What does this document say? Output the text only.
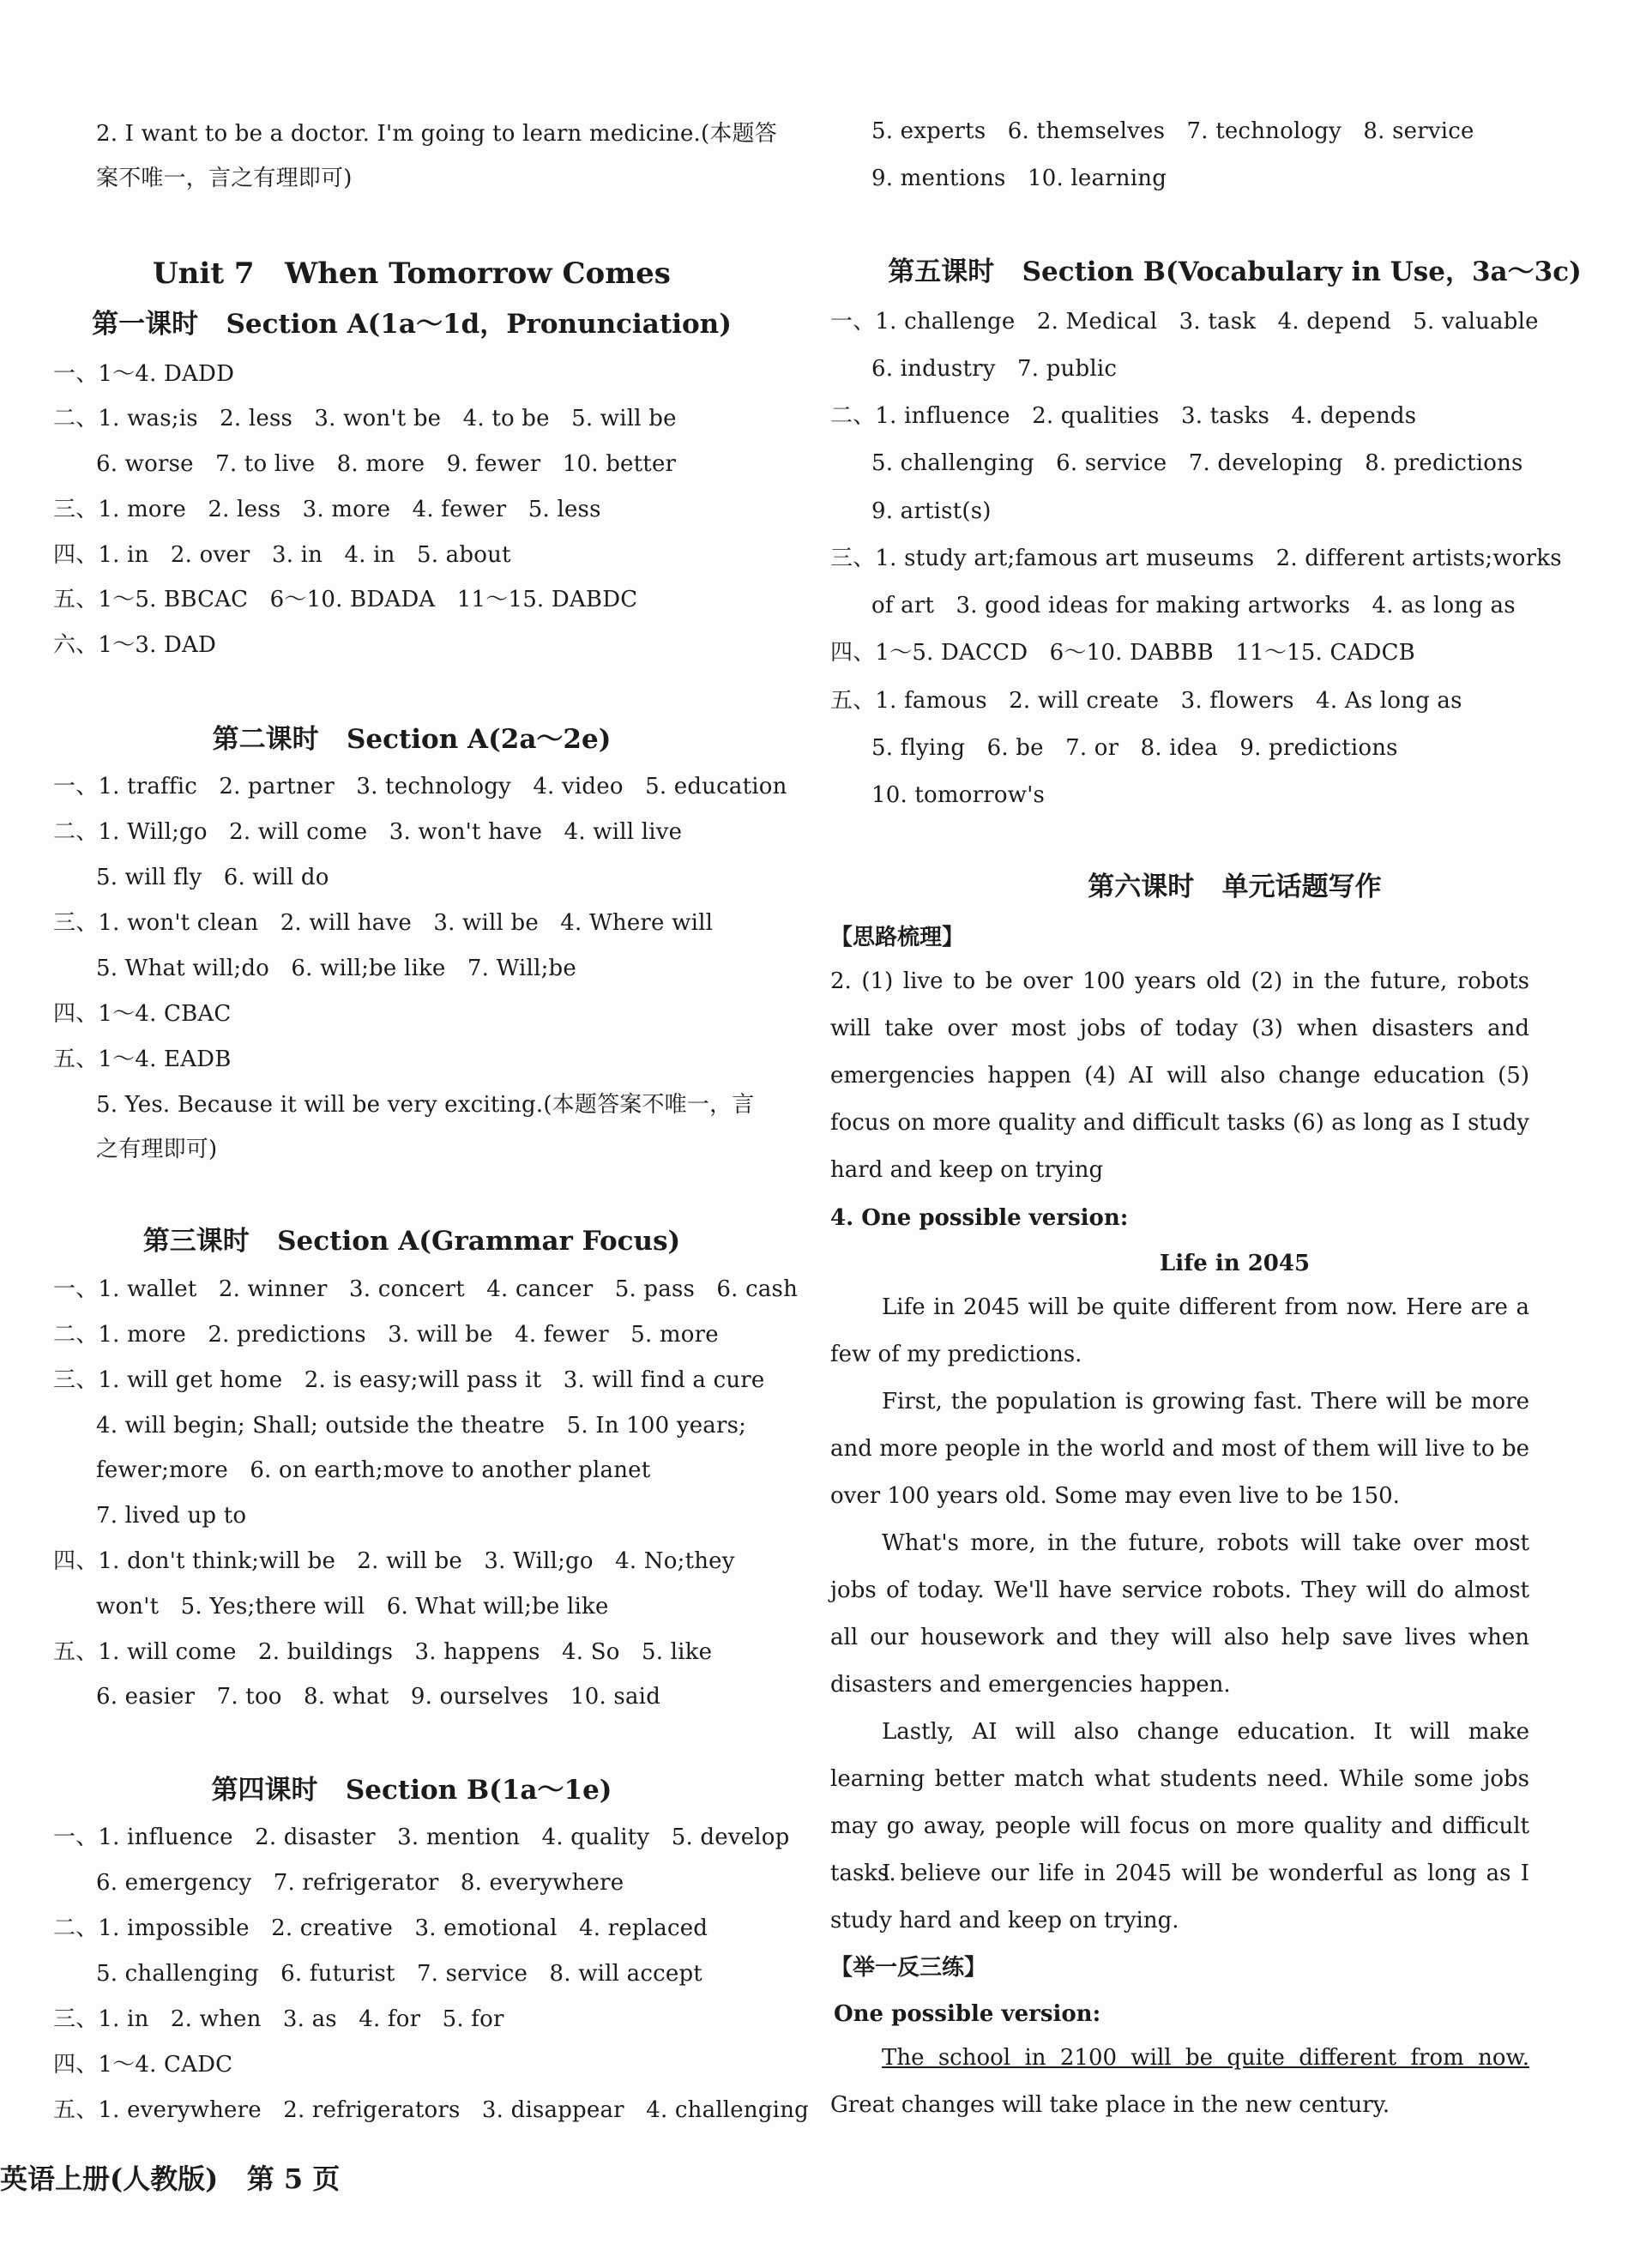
2. I want to be a doctor. I'm going to learn medicine.(本题答
案不唯一，言之有理即可)
Unit 7   When Tomorrow Comes
第一课时   Section A(1a～1d，Pronunciation)
一、1～4. DADD
二、1. was;is   2. less   3. won't be   4. to be   5. will be
6. worse   7. to live   8. more   9. fewer   10. better
三、1. more   2. less   3. more   4. fewer   5. less
四、1. in   2. over   3. in   4. in   5. about
五、1～5. BBCAC   6～10. BDADA   11～15. DABDC
六、1～3. DAD
第二课时   Section A(2a～2e)
一、1. traffic   2. partner   3. technology   4. video   5. education
二、1. Will;go   2. will come   3. won't have   4. will live
5. will fly   6. will do
三、1. won't clean   2. will have   3. will be   4. Where will
5. What will;do   6. will;be like   7. Will;be
四、1～4. CBAC
五、1～4. EADB
5. Yes. Because it will be very exciting.(本题答案不唯一，言
之有理即可)
第三课时   Section A(Grammar Focus)
一、1. wallet   2. winner   3. concert   4. cancer   5. pass   6. cash
二、1. more   2. predictions   3. will be   4. fewer   5. more
三、1. will get home   2. is easy;will pass it   3. will find a cure
4. will begin; Shall; outside the theatre   5. In 100 years;
fewer;more   6. on earth;move to another planet
7. lived up to
四、1. don't think;will be   2. will be   3. Will;go   4. No;they
won't   5. Yes;there will   6. What will;be like
五、1. will come   2. buildings   3. happens   4. So   5. like
6. easier   7. too   8. what   9. ourselves   10. said
第四课时   Section B(1a～1e)
一、1. influence   2. disaster   3. mention   4. quality   5. develop
6. emergency   7. refrigerator   8. everywhere
二、1. impossible   2. creative   3. emotional   4. replaced
5. challenging   6. futurist   7. service   8. will accept
三、1. in   2. when   3. as   4. for   5. for
四、1～4. CADC
五、1. everywhere   2. refrigerators   3. disappear   4. challenging
5. experts   6. themselves   7. technology   8. service
9. mentions   10. learning
第五课时   Section B(Vocabulary in Use，3a～3c)
一、1. challenge   2. Medical   3. task   4. depend   5. valuable
6. industry   7. public
二、1. influence   2. qualities   3. tasks   4. depends
5. challenging   6. service   7. developing   8. predictions
9. artist(s)
三、1. study art;famous art museums   2. different artists;works
of art   3. good ideas for making artworks   4. as long as
四、1～5. DACCD   6～10. DABBB   11～15. CADCB
五、1. famous   2. will create   3. flowers   4. As long as
5. flying   6. be   7. or   8. idea   9. predictions
10. tomorrow's
第六课时   单元话题写作
【思路梳理】
2. (1) live to be over 100 years old (2) in the future, robots will take over most jobs of today (3) when disasters and emergencies happen (4) AI will also change education (5) focus on more quality and difficult tasks (6) as long as I study hard and keep on trying
4. One possible version:
Life in 2045
Life in 2045 will be quite different from now. Here are a few of my predictions.
First, the population is growing fast. There will be more and more people in the world and most of them will live to be over 100 years old. Some may even live to be 150.
What's more, in the future, robots will take over most jobs of today. We'll have service robots. They will do almost all our housework and they will also help save lives when disasters and emergencies happen.
Lastly, AI will also change education. It will make learning better match what students need. While some jobs may go away, people will focus on more quality and difficult tasks.
I believe our life in 2045 will be wonderful as long as I study hard and keep on trying.
【举一反三练】
One possible version:
The school in 2100 will be quite different from now. Great changes will take place in the new century.
英语上册(人教版)   第 5 页
